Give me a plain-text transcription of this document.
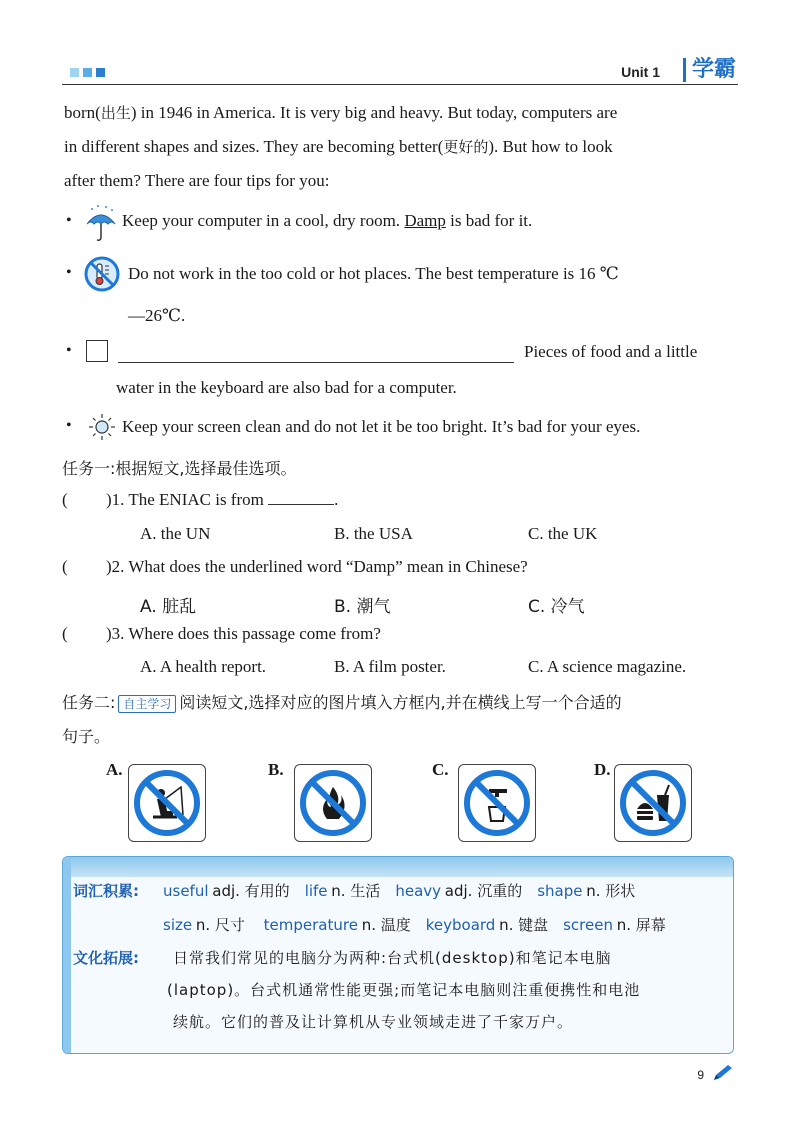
Unit 1	学霸
born(出生) in 1946 in America. It is very big and heavy. But today, computers are
in different shapes and sizes. They are becoming better(更好的). But how to look
after them? There are four tips for you:
•	Keep your computer in a cool, dry room. Damp is bad for it.
•	Do not work in the too cold or hot places. The best temperature is 16 ℃
—26℃.
•	Pieces of food and a little
water in the keyboard are also bad for a computer.
•	Keep your screen clean and do not let it be too bright. It’s bad for your eyes.
任务一:根据短文,选择最佳选项。
( )1. The ENIAC is from	.
A. the UN	B. the USA	C. the UK
( )2. What does the underlined word “Damp” mean in Chinese?
A. 脏乱	B. 潮气	C. 冷气
( )3. Where does this passage come from?
A. A health report.	B. A film poster.	C. A science magazine.
任务二: 自主学习 阅读短文,选择对应的图片填入方框内,并在横线上写一个合适的
句子。
A.	B.	C.	D.
词汇积累: useful adj. 有用的 life n. 生活 heavy adj. 沉重的 shape n. 形状
size n. 尺寸 temperature n. 温度 keyboard n. 键盘 screen n. 屏幕
文化拓展: 日常我们常见的电脑分为两种:台式机(desktop)和笔记本电脑
(laptop)。台式机通常性能更强;而笔记本电脑则注重便携性和电池
续航。它们的普及让计算机从专业领域走进了千家万户。
9
